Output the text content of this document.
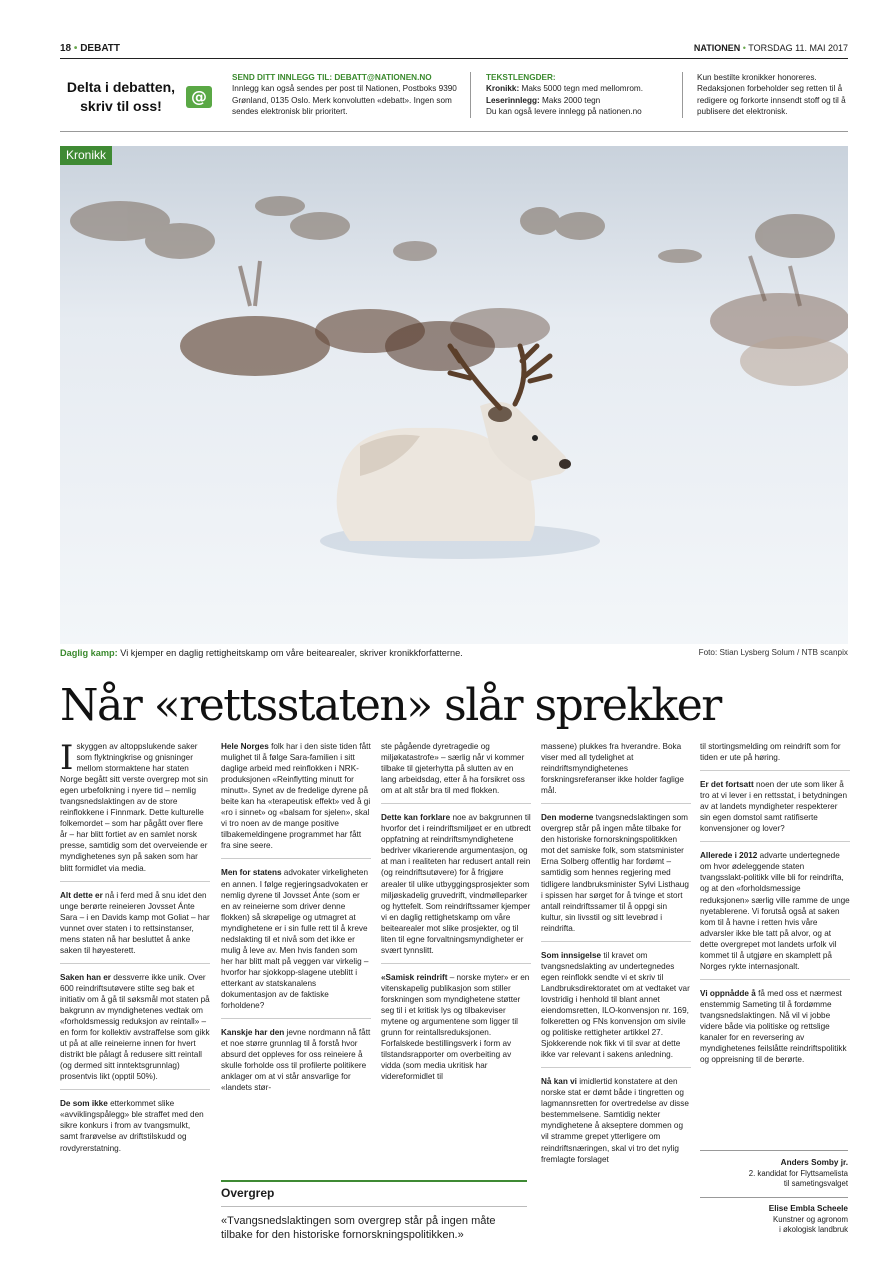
18 • DEBATT	NATIONEN • TORSDAG 11. MAI 2017
Delta i debatten,
skriv til oss!	@
SEND DITT INNLEGG TIL: DEBATT@NATIONEN.NO
Innlegg kan også sendes per post til Nationen, Postboks 9390 Grønland, 0135 Oslo. Merk konvolutten «debatt». Ingen som sendes elektronisk blir prioritert.
TEKSTLENGDER:
Kronikk: Maks 5000 tegn med mellomrom.
Leserinnlegg: Maks 2000 tegn
Du kan også levere innlegg på nationen.no
Kun bestilte kronikker honoreres. Redaksjonen forbeholder seg retten til å redigere og forkorte innsendt stoff og til å publisere det elektronisk.
Kronikk
Daglig kamp: Vi kjemper en daglig rettigheitskamp om våre beitearealer, skriver kronikkforfatterne.	Foto: Stian Lysberg Solum / NTB scanpix
Når «rettsstaten» slår sprekker

I skyggen av altoppslukende saker som flyktningkrise og gnisninger mellom stormaktene har staten Norge begått sitt verste overgrep mot sin egen urbefolkning i nyere tid – nemlig tvangsnedslaktingen av de store reinflokkene i Finnmark. Dette kulturelle folkemordet – som har pågått over flere år – har blitt fortiet av en samlet norsk presse, samtidig som det overveiende er myndighetenes syn på saken som har blitt formidlet via media.

Alt dette er nå i ferd med å snu idet den unge berørte reineieren Jovsset Ánte Sara – i en Davids kamp mot Goliat – har vunnet over staten i to rettsinstanser, mens staten nå har besluttet å anke saken til høyesterett.

Saken han er dessverre ikke unik. Over 600 reindriftsutøvere stilte seg bak et initiativ om å gå til søksmål mot staten på bakgrunn av myndighetenes vedtak om «forholdsmessig reduksjon av reintall» – en form for kollektiv avstraffelse som gikk ut på at alle reineierne innen for hvert distrikt ble pålagt å redusere sitt reintall (og dermed sitt inntektsgrunnlag) prosentvis likt (opptil 50%).

De som ikke etterkommet slike «avviklingspålegg» ble straffet med den sikre konkurs i from av tvangsmulkt, samt frarøvelse av driftstilskudd og rovdyrerstatning.

Hele Norges folk har i den siste tiden fått mulighet til å følge Sara-familien i sitt daglige arbeid med reinflokken i NRK-produksjonen «Reinflytting minutt for minutt». Synet av de fredelige dyrene på beite kan ha «terapeutisk effekt» ved å gi «ro i sinnet» og «balsam for sjelen», skal vi tro noen av de mange positive tilbakemeldingene programmet har fått fra sine seere.

Men for statens advokater virkeligheten en annen. I følge regjeringsadvokaten er nemlig dyrene til Jovsset Ánte (som er en av reineierne som driver denne flokken) så skrøpelige og utmagret at myndighetene er i sin fulle rett til å kreve nedslakting til et nivå som det ikke er mulig å leve av. Men hvis fanden som her har blitt malt på veggen var virkelig – hvorfor har sjokkopp-slagene uteblitt i etterkant av statskanalens dokumentasjon av de faktiske forholdene?

Kanskje har den jevne nordmann nå fått et noe større grunnlag til å forstå hvor absurd det oppleves for oss reineiere å skulle forholde oss til profilerte politikere anklager om at vi står ansvarlige for «landets stør-

ste pågående dyretragedie og miljøkatastrofe» – særlig når vi kommer tilbake til gjeterhytta på slutten av en lang arbeidsdag, etter å ha forsikret oss om at alt står bra til med flokken.

Dette kan forklare noe av bakgrunnen til hvorfor det i reindriftsmiljøet er en utbredt oppfatning at reindriftsmyndighetene bedriver vikarierende argumentasjon, og at man i realiteten har redusert antall rein (og reindriftsutøvere) for å frigjøre arealer til ulike utbyggingsprosjekter som miljøskadelig gruvedrift, vindmølleparker og hyttefelt. Som reindriftssamer kjemper vi en daglig rettighetskamp om våre beitearealer mot slike prosjekter, og til liten til egne forvaltningsmyndigheter er svært tynnslitt.

«Samisk reindrift – norske myter» er en vitenskapelig publikasjon som stiller forskningen som myndighetene støtter seg til i et kritisk lys og tilbakeviser mytene og argumentene som ligger til grunn for reintallsreduksjonen. Forfalskede bestillingsverk i form av tilstandsrapporter om overbeiting av vidda (som media ukritisk har videreformidlet til

massene) plukkes fra hverandre. Boka viser med all tydelighet at reindriftsmyndighetenes forskningsreferanser ikke holder faglige mål.

Den moderne tvangsnedslaktingen som overgrep står på ingen måte tilbake for den historiske fornorskningspolitikken mot det samiske folk, som statsminister Erna Solberg offentlig har fordømt – samtidig som hennes regjering med tidligere landbruksminister Sylvi Listhaug i spissen har sørget for å tvinge et stort antall reindriftssamer til å oppgi sin kultur, sin livsstil og sitt levebrød i reindrifta.

Som innsigelse til kravet om tvangsnedslakting av undertegnedes egen reinflokk sendte vi et skriv til Landbruksdirektoratet om at vedtaket var lovstridig i henhold til blant annet eiendomsretten, ILO-konvensjon nr. 169, folkeretten og FNs konvensjon om sivile og politiske rettigheter artikkel 27. Sjokkerende nok fikk vi til svar at dette ikke var relevant i sakens anledning.

Nå kan vi imidlertid konstatere at den norske stat er dømt både i tingretten og lagmannsretten for overtredelse av disse bestemmelsene. Samtidig nekter myndighetene å akseptere dommen og vil stramme grepet ytterligere om reindriftsnæringen, skal vi tro det nylig fremlagte forslaget

til stortingsmelding om reindrift som for tiden er ute på høring.

Er det fortsatt noen der ute som liker å tro at vi lever i en rettsstat, i betydningen av at landets myndigheter respekterer sin egen domstol samt ratifiserte konvensjoner og lover?

Allerede i 2012 advarte undertegnede om hvor ødeleggende staten tvangsslakt-politikk ville bli for reindrifta, og at den «forholdsmessige reduksjonen» særlig ville ramme de unge nyetablerene. Vi forutså også at saken kom til å havne i retten hvis våre advarsler ikke ble tatt på alvor, og at dette overgrepet mot landets urfolk vil kommet til å utgjøre en skamplett på Norges rykte internasjonalt.

Vi oppnådde å få med oss et nærmest enstemmig Sameting til å fordømme tvangsnedslaktingen. Nå vil vi jobbe videre både via politiske og rettslige kanaler for en reversering av myndighetenes feilslåtte reindriftspolitikk og oppreisning til de berørte.

Overgrep
«Tvangsnedslaktingen som overgrep står på ingen måte tilbake for den historiske fornorskningspolitikken.»
Anders Somby jr.
2. kandidat for Flyttsamelista
til sametingsvalget
Elise Embla Scheele
Kunstner og agronom
i økologisk landbruk
